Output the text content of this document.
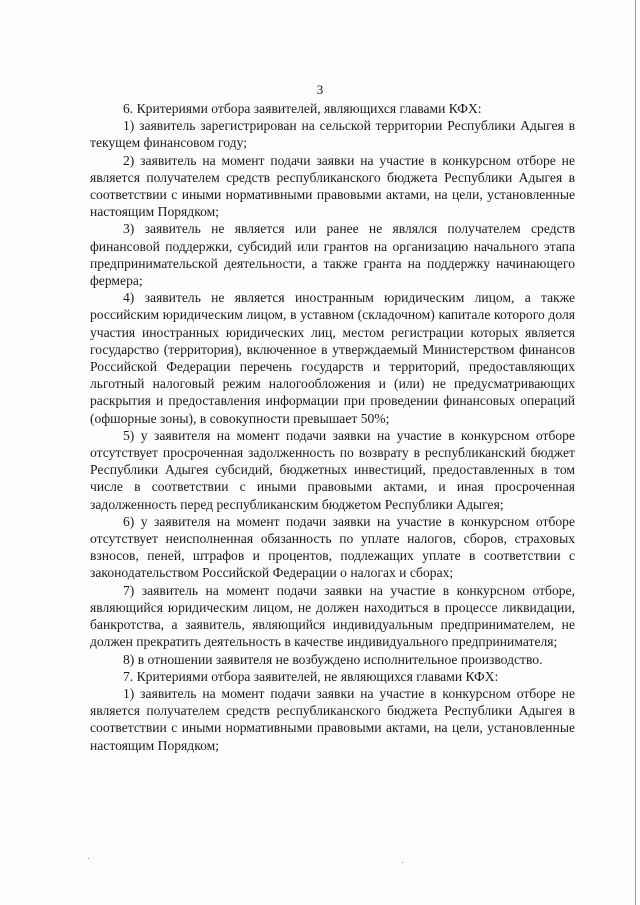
3

6. Критериями отбора заявителей, являющихся главами КФХ:

1) заявитель зарегистрирован на сельской территории Республики Адыгея в текущем финансовом году;

2) заявитель на момент подачи заявки на участие в конкурсном отборе не является получателем средств республиканского бюджета Республики Адыгея в соответствии с иными нормативными правовыми актами, на цели, установленные настоящим Порядком;

3) заявитель не является или ранее не являлся получателем средств финансовой поддержки, субсидий или грантов на организацию начального этапа предпринимательской деятельности, а также гранта на поддержку начинающего фермера;

4) заявитель не является иностранным юридическим лицом, а также российским юридическим лицом, в уставном (складочном) капитале которого доля участия иностранных юридических лиц, местом регистрации которых является государство (территория), включенное в утверждаемый Министерством финансов Российской Федерации перечень государств и территорий, предоставляющих льготный налоговый режим налогообложения и (или) не предусматривающих раскрытия и предоставления информации при проведении финансовых операций (офшорные зоны), в совокупности превышает 50%;

5) у заявителя на момент подачи заявки на участие в конкурсном отборе отсутствует просроченная задолженность по возврату в республиканский бюджет Республики Адыгея субсидий, бюджетных инвестиций, предоставленных в том числе в соответствии с иными правовыми актами, и иная просроченная задолженность перед республиканским бюджетом Республики Адыгея;

6) у заявителя на момент подачи заявки на участие в конкурсном отборе отсутствует неисполненная обязанность по уплате налогов, сборов, страховых взносов, пеней, штрафов и процентов, подлежащих уплате в соответствии с законодательством Российской Федерации о налогах и сборах;

7) заявитель на момент подачи заявки на участие в конкурсном отборе, являющийся юридическим лицом, не должен находиться в процессе ликвидации, банкротства, а заявитель, являющийся индивидуальным предпринимателем, не должен прекратить деятельность в качестве индивидуального предпринимателя;

8) в отношении заявителя не возбуждено исполнительное производство.

7. Критериями отбора заявителей, не являющихся главами КФХ:

1) заявитель на момент подачи заявки на участие в конкурсном отборе не является получателем средств республиканского бюджета Республики Адыгея в соответствии с иными нормативными правовыми актами, на цели, установленные настоящим Порядком;
